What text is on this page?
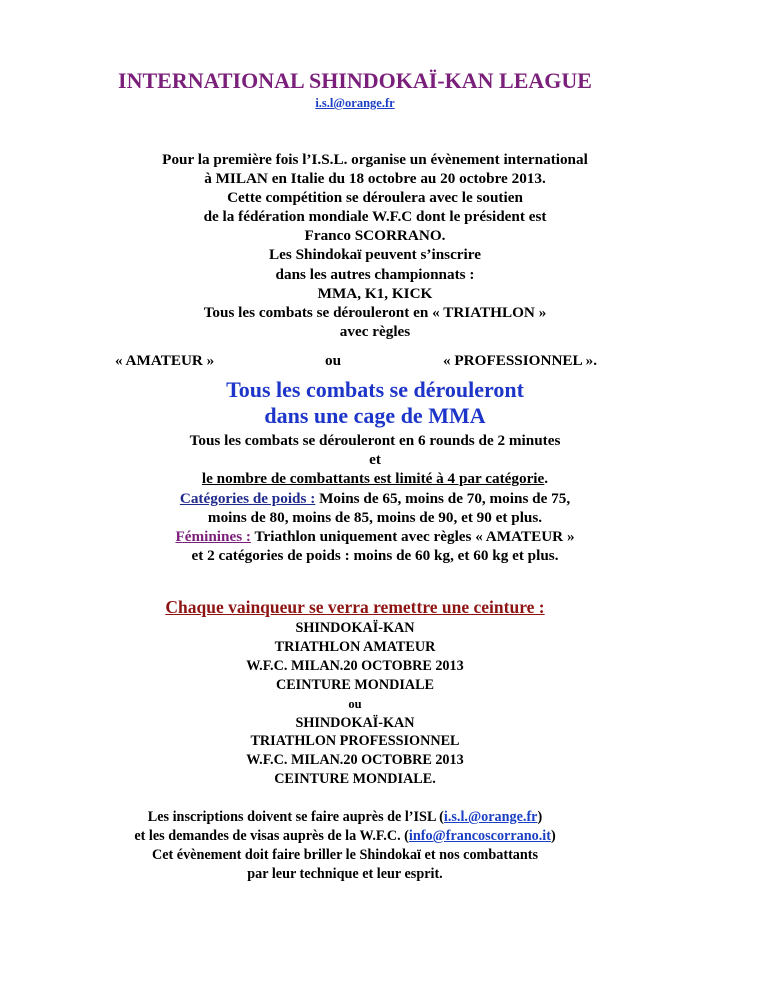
INTERNATIONAL SHINDOKAÏ-KAN LEAGUE
i.s.l@orange.fr
Pour la première fois l’I.S.L. organise un évènement international
à MILAN en Italie du 18 octobre au 20 octobre 2013.
Cette compétition se déroulera avec le soutien
de la fédération mondiale W.F.C dont le président est
Franco SCORRANO.
Les Shindokaï peuvent s’inscrire
dans les autres championnats :
MMA, K1, KICK
Tous les combats se dérouleront en « TRIATHLON »
avec règles
« AMATEUR »	ou	« PROFESSIONNEL ».
Tous les combats se dérouleront
dans une cage de MMA
Tous les combats se dérouleront en 6 rounds de 2 minutes
et
le nombre de combattants est limité à 4 par catégorie.
Catégories de poids : Moins de 65, moins de 70, moins de 75,
moins de 80, moins de 85, moins de 90, et 90 et plus.
Féminines : Triathlon uniquement avec règles « AMATEUR »
et 2 catégories de poids : moins de 60 kg, et 60 kg et plus.
Chaque vainqueur se verra remettre une ceinture :
SHINDOKAÏ-KAN
TRIATHLON AMATEUR
W.F.C. MILAN.20 OCTOBRE 2013
CEINTURE MONDIALE
ou
SHINDOKAÏ-KAN
TRIATHLON PROFESSIONNEL
W.F.C. MILAN.20 OCTOBRE 2013
CEINTURE MONDIALE.
Les inscriptions doivent se faire auprès de l’ISL (i.s.l.@orange.fr)
et les demandes de visas auprès de la W.F.C. (info@francoscorrano.it)
Cet évènement doit faire briller le Shindokaï et nos combattants
par leur technique et leur esprit.
